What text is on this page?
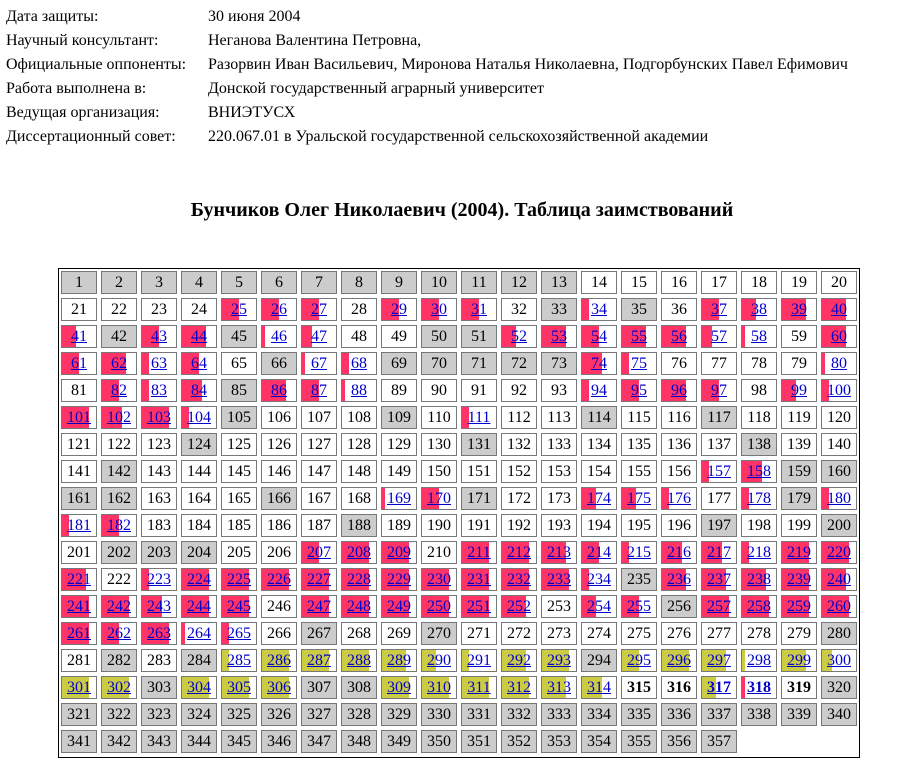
Дата защиты:	30 июня 2004
Научный консультант:	Неганова Валентина Петровна,
Официальные оппоненты: Разорвин Иван Васильевич, Миронова Наталья Николаевна, Подгорбунских Павел Ефимович
Работа выполнена в:	Донской государственный аграрный университет
Ведущая организация:	ВНИЭТУСХ
Диссертационный совет: 220.067.01 в Уральской государственной сельскохозяйственной академии
Бунчиков Олег Николаевич (2004). Таблица заимствований
1	2	3	4	5	6	7	8	9	10	11	12	13	14	15	16	17	18	19	20
21	22	23	24	25	26	27	28	29	30	31	32	33	34	35	36	37	38	39	40
41	42	43	44	45	46	47	48	49	50	51	52	53	54	55	56	57	58	59	60
61	62	63	64	65	66	67	68	69	70	71	72	73	74	75	76	77	78	79	80
81	82	83	84	85	86	87	88	89	90	91	92	93	94	95	96	97	98	99	100
101	102	103	104	105	106	107	108	109	110	111	112	113	114	115	116	117	118	119	120
121	122	123	124	125	126	127	128	129	130	131	132	133	134	135	136	137	138	139	140
141	142	143	144	145	146	147	148	149	150	151	152	153	154	155	156	157	158	159	160
161	162	163	164	165	166	167	168	169	170	171	172	173	174	175	176	177	178	179	180
181	182	183	184	185	186	187	188	189	190	191	192	193	194	195	196	197	198	199	200
201	202	203	204	205	206	207	208	209	210	211	212	213	214	215	216	217	218	219	220
221	222	223	224	225	226	227	228	229	230	231	232	233	234	235	236	237	238	239	240
241	242	243	244	245	246	247	248	249	250	251	252	253	254	255	256	257	258	259	260
261	262	263	264	265	266	267	268	269	270	271	272	273	274	275	276	277	278	279	280
281	282	283	284	285	286	287	288	289	290	291	292	293	294	295	296	297	298	299	300
301	302	303	304	305	306	307	308	309	310	311	312	313	314	315	316	317	318	319	320
321	322	323	324	325	326	327	328	329	330	331	332	333	334	335	336	337	338	339	340
341	342	343	344	345	346	347	348	349	350	351	352	353	354	355	356	357
